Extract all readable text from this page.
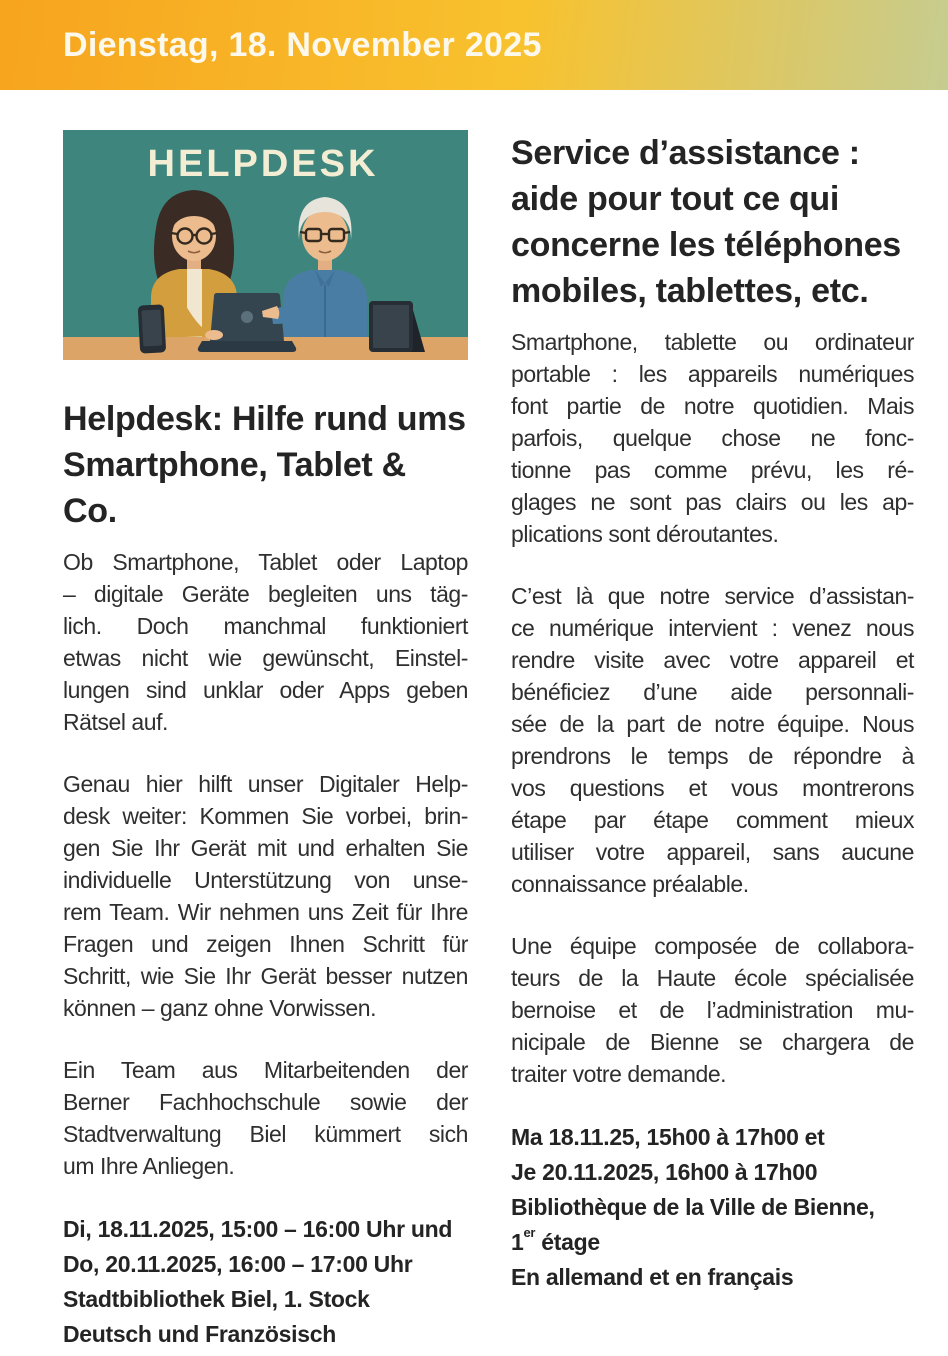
Dienstag, 18. November 2025
HELPDESK
Helpdesk: Hilfe rund ums
Smartphone, Tablet & Co.
Ob Smartphone, Tablet oder Laptop
– digitale Geräte begleiten uns täg-
lich. Doch manchmal funktioniert
etwas nicht wie gewünscht, Einstel-
lungen sind unklar oder Apps geben
Rätsel auf.
Genau hier hilft unser Digitaler Help-
desk weiter: Kommen Sie vorbei, brin-
gen Sie Ihr Gerät mit und erhalten Sie
individuelle Unterstützung von unse-
rem Team. Wir nehmen uns Zeit für Ihre
Fragen und zeigen Ihnen Schritt für
Schritt, wie Sie Ihr Gerät besser nutzen
können – ganz ohne Vorwissen.
Ein Team aus Mitarbeitenden der
Berner Fachhochschule sowie der
Stadtverwaltung Biel kümmert sich
um Ihre Anliegen.
Di, 18.11.2025, 15:00 – 16:00 Uhr und
Do, 20.11.2025, 16:00 – 17:00 Uhr
Stadtbibliothek Biel, 1. Stock
Deutsch und Französisch
Service d’assistance :
aide pour tout ce qui
concerne les téléphones
mobiles, tablettes, etc.
Smartphone, tablette ou ordinateur
portable : les appareils numériques
font partie de notre quotidien. Mais
parfois, quelque chose ne fonc-
tionne pas comme prévu, les ré-
glages ne sont pas clairs ou les ap-
plications sont déroutantes.
C’est là que notre service d’assistan-
ce numérique intervient : venez nous
rendre visite avec votre appareil et
bénéficiez d’une aide personnali-
sée de la part de notre équipe. Nous
prendrons le temps de répondre à
vos questions et vous montrerons
étape par étape comment mieux
utiliser votre appareil, sans aucune
connaissance préalable.
Une équipe composée de collabora-
teurs de la Haute école spécialisée
bernoise et de l’administration mu-
nicipale de Bienne se chargera de
traiter votre demande.
Ma 18.11.25, 15h00 à 17h00 et
Je 20.11.2025, 16h00 à 17h00
Bibliothèque de la Ville de Bienne,
1er étage
En allemand et en français
